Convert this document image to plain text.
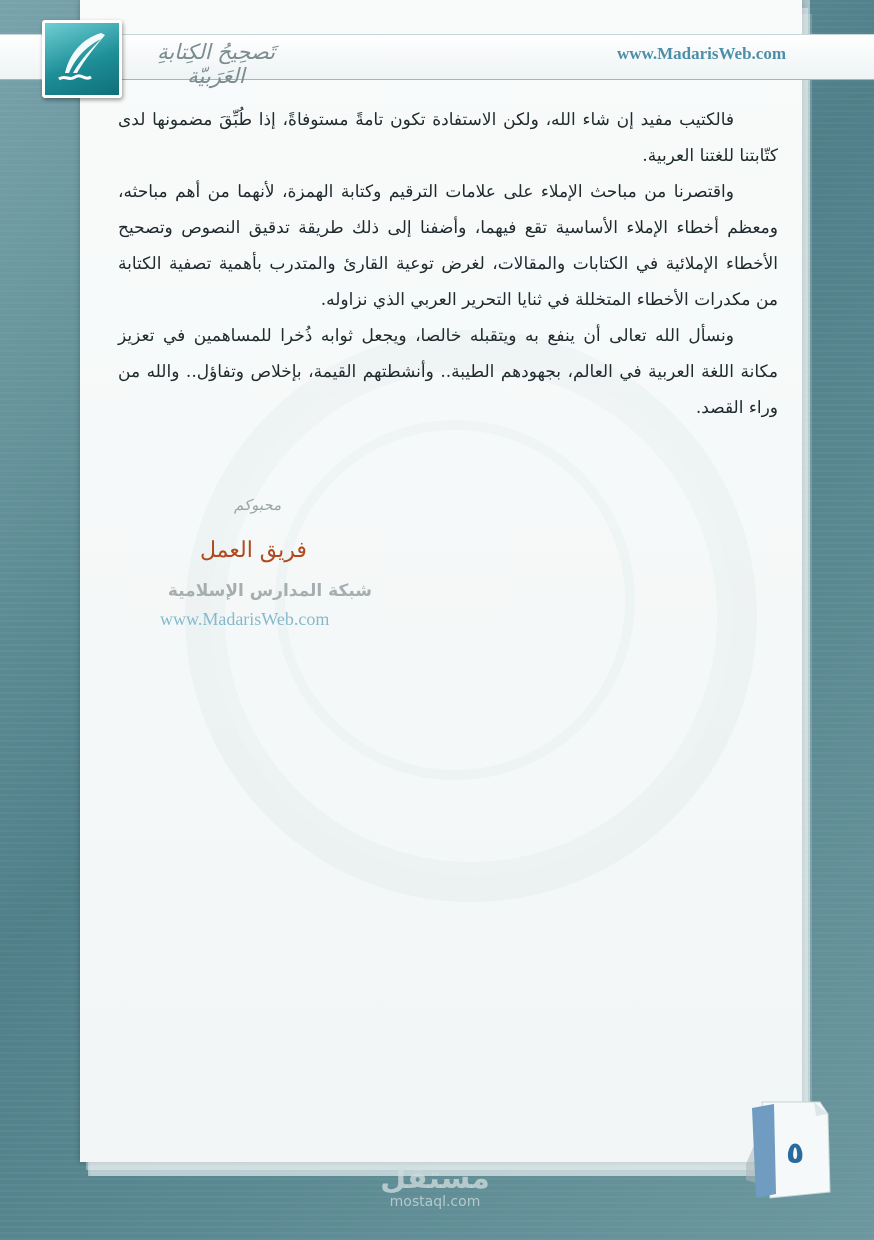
تَصحِيحُ الكِتابةِ العَرَبيّة
www.MadarisWeb.com

فالكتيب مفيد إن شاء الله، ولكن الاستفادة تكون تامةً مستوفاةً، إذا طُبِّقَ مضمونها لدى كتّابتنا للغتنا العربية.

واقتصرنا من مباحث الإملاء على علامات الترقيم وكتابة الهمزة، لأنهما من أهم مباحثه، ومعظم أخطاء الإملاء الأساسية تقع فيهما، وأضفنا إلى ذلك طريقة تدقيق النصوص وتصحيح الأخطاء الإملائية في الكتابات والمقالات، لغرض توعية القارئ والمتدرب بأهمية تصفية الكتابة من مكدرات الأخطاء المتخللة في ثنايا التحرير العربي الذي نزاوله.

ونسأل الله تعالى أن ينفع به ويتقبله خالصا، ويجعل ثوابه ذُخرا للمساهمين في تعزيز مكانة اللغة العربية في العالم، بجهودهم الطيبة.. وأنشطتهم القيمة، بإخلاص وتفاؤل.. والله من وراء القصد.

محبوكم
فريق العمل
شبكة المدارس الإسلامية
www.MadarisWeb.com
٥
مستقل
mostaql.com
